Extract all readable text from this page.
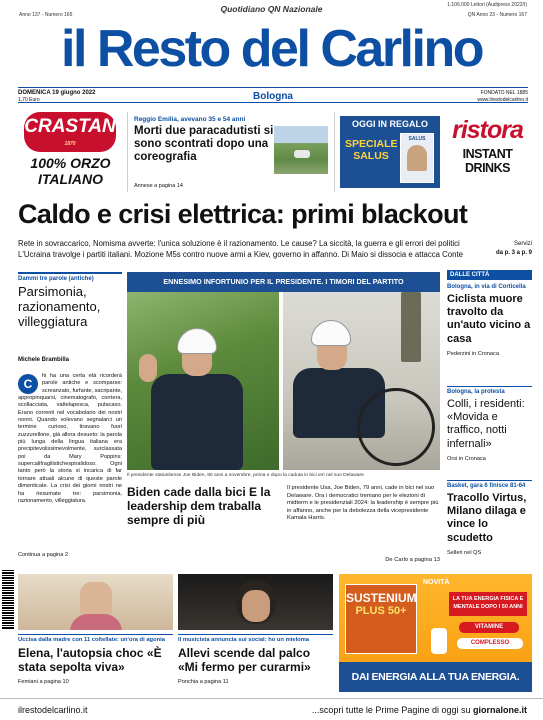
Anno 137 - Numero 165
Quotidiano QN Nazionale	1.106.000 Lettori (Audipress 2022/I)
QN Anno 23 - Numero 167
il Resto del Carlino
DOMENICA 19 giugno 2022
1,70 Euro	Bologna	FONDATO NEL 1885
www.ilrestodelcarlino.it
CRASTAN
1870
100% ORZO
ITALIANO
Reggio Emilia, avevano 35 e 54 anni
Morti due paracadutisti si sono scontrati dopo una coreografia
Annese a pagina 14
OGGI IN REGALO
SPECIALE SALUS
SALUS	ristora
INSTANT DRINKS
Caldo e crisi elettrica: primi blackout
Rete in sovraccarico, Nomisma avverte: l'unica soluzione è il razionamento. Le cause? La siccità, la guerra e gli errori dei politici L'Ucraina travolge i partiti italiani. Mozione M5s contro nuove armi a Kiev, governo in affanno. Di Maio si dissocia e attacca Conte
Servizi
da p. 3 a p. 9
Dammi tre parole (antiche)
Parsimonia, razionamento, villeggiatura
Michele Brambilla
C
hi ha una certa età ricorderà parole antiche e scomparse: screanzato, furfante, sacripante, appropinquarsi, cinematografo, corriera, scollacciata, vattelapesca, putacaso. Erano correnti nel vocabolario dei nostri nonni. Quando volevano segnalarci un termine curioso, tiravano fuori zuzzurellone, già allora desueto: la parola più lunga della lingua italiana era precipitevolissimevolmente, surclassata poi da Mary Poppins: supercalifragilistichespiralidoso. Ogni tanto però la storia si incarica di far tornare attuali alcune di queste parole dimenticate. La crisi dei giorni nostri ne ha riesumate tre: parsimonia, razionamento, villeggiatura.
Continua a pagina 2
ENNESIMO INFORTUNIO PER IL PRESIDENTE. I TIMORI DEL PARTITO
Il presidente statunitense Joe Biden, 80 anni a novembre, prima e dopo la caduta in bici ieri nel suo Delaware
Biden cade dalla bici E la leadership dem traballa sempre di più
Il presidente Usa, Joe Biden, 79 anni, cade in bici nel suo Delaware. Ora i democratici tremano per le elezioni di midterm e le presidenziali 2024: la leadership è sempre più in affanno, anche per la debolezza della vicepresidente Kamala Harris.
De Carlo a pagina 13
DALLE CITTÀ
Bologna, in via di Corticella
Ciclista muore travolto da un'auto vicino a casa
Pederzini in Cronaca
Bologna, la protesta
Colli, i residenti: «Movida e traffico, notti infernali»
Orsi in Cronaca
Basket, gara 6 finisce 81-64
Tracollo Virtus, Milano dilaga e vince lo scudetto
Selleri nel QS
Uccisa dalla madre con 11 coltellate: un'ora di agonia
Elena, l'autopsia choc «È stata sepolta viva»
Femiani a pagina 10
Il musicista annuncia sui social: ho un mieloma
Allevi scende dal palco «Mi fermo per curarmi»
Ponchia a pagina 11
SUSTENIUM
PLUS 50+
NOVITÀ
LA TUA ENERGIA FISICA E MENTALE DOPO I 50 ANNI
VITAMINE
COMPLESSO
DAI ENERGIA ALLA TUA ENERGIA.
ilrestodelcarlino.it	...scopri tutte le Prime Pagine di oggi su giornalone.it
